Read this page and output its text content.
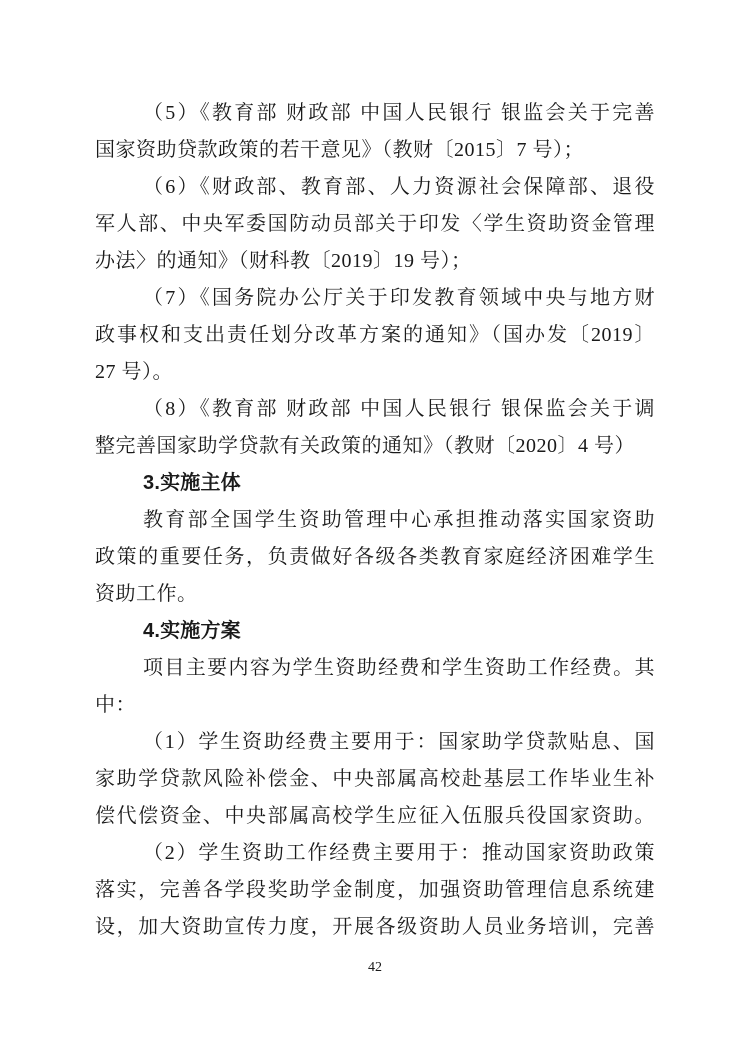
（5）《教育部 财政部 中国人民银行 银监会关于完善
国家资助贷款政策的若干意见》（教财〔2015〕7 号）；
（6）《财政部、教育部、人力资源社会保障部、退役
军人部、中央军委国防动员部关于印发〈学生资助资金管理
办法〉的通知》（财科教〔2019〕19 号）；
（7）《国务院办公厅关于印发教育领域中央与地方财
政事权和支出责任划分改革方案的通知》（国办发〔2019〕
27 号）。
（8）《教育部 财政部 中国人民银行 银保监会关于调
整完善国家助学贷款有关政策的通知》（教财〔2020〕4 号）
3.实施主体
教育部全国学生资助管理中心承担推动落实国家资助
政策的重要任务，负责做好各级各类教育家庭经济困难学生
资助工作。
4.实施方案
项目主要内容为学生资助经费和学生资助工作经费。其
中：
（1）学生资助经费主要用于：国家助学贷款贴息、国
家助学贷款风险补偿金、中央部属高校赴基层工作毕业生补
偿代偿资金、中央部属高校学生应征入伍服兵役国家资助。
（2）学生资助工作经费主要用于：推动国家资助政策
落实，完善各学段奖助学金制度，加强资助管理信息系统建
设，加大资助宣传力度，开展各级资助人员业务培训，完善
42
